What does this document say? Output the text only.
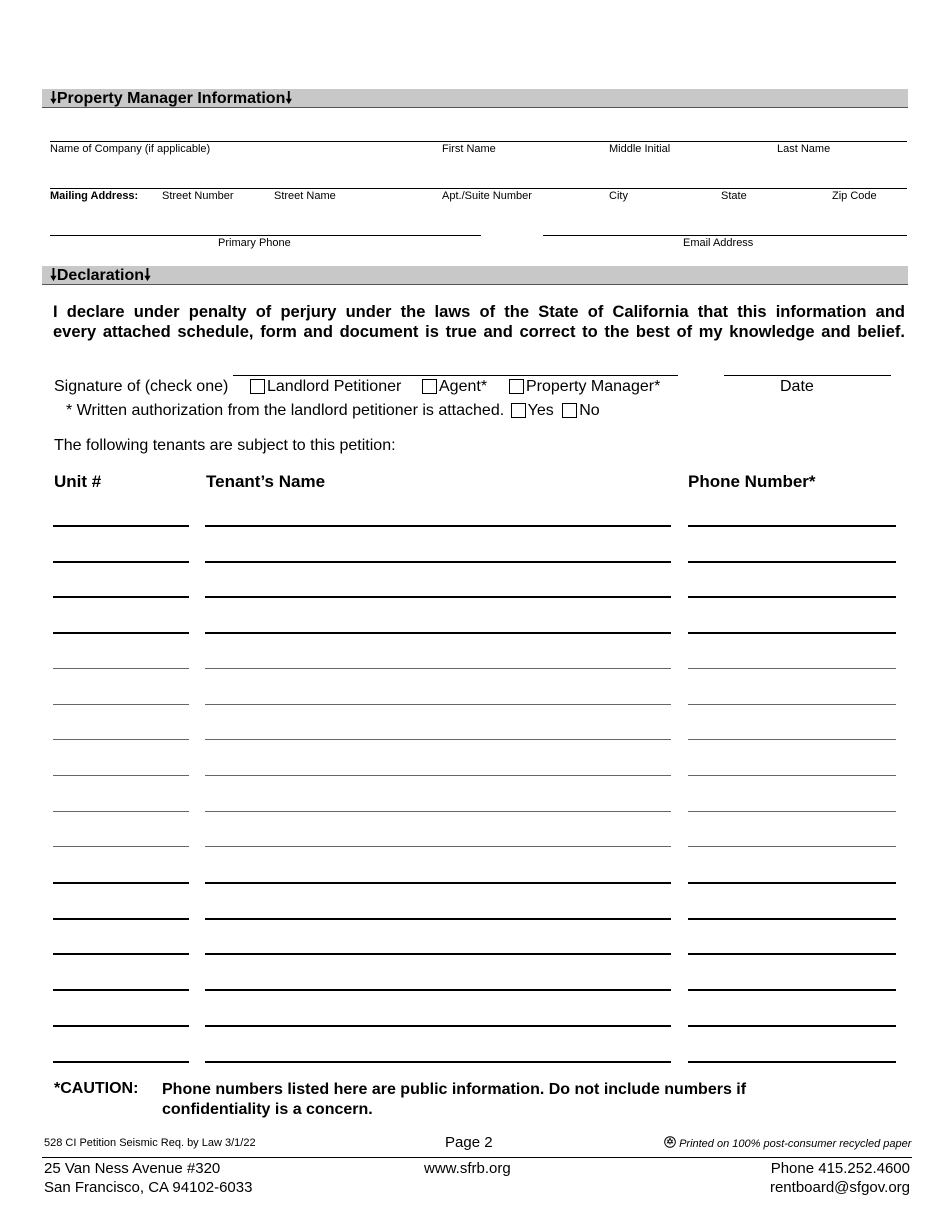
🠗Property Manager Information🠗
Name of Company (if applicable)	First Name	Middle Initial	Last Name
Mailing Address: Street Number	Street Name	Apt./Suite Number	City	State	Zip Code
Primary Phone	Email Address
🠗Declaration🠗
I declare under penalty of perjury under the laws of the State of California that this information and
every attached schedule, form and document is true and correct to the best of my knowledge and belief.
Signature of (check one)	Landlord Petitioner	Agent*	Property Manager*	Date
* Written authorization from the landlord petitioner is attached. Yes No
The following tenants are subject to this petition:
Unit #	Tenant’s Name	Phone Number*
*CAUTION: Phone numbers listed here are public information. Do not include numbers if confidentiality is a concern.
528 CI Petition Seismic Req. by Law 3/1/22	Page 2	Printed on 100% post-consumer recycled paper
25 Van Ness Avenue #320
San Francisco, CA 94102-6033
www.sfrb.org	Phone 415.252.4600
rentboard@sfgov.org
